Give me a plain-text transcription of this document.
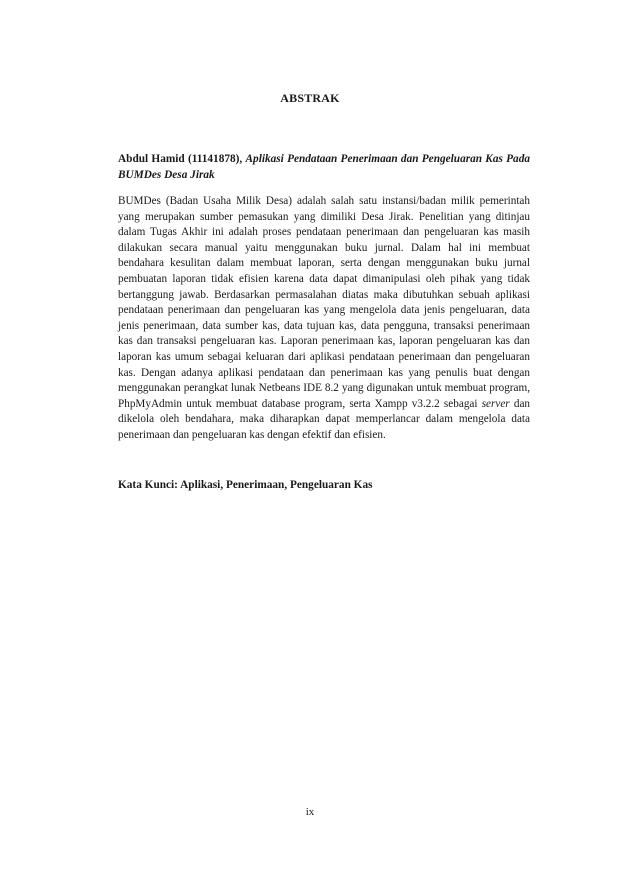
ABSTRAK
Abdul Hamid (11141878), Aplikasi Pendataan Penerimaan dan Pengeluaran Kas Pada BUMDes Desa Jirak
BUMDes (Badan Usaha Milik Desa) adalah salah satu instansi/badan milik pemerintah yang merupakan sumber pemasukan yang dimiliki Desa Jirak. Penelitian yang ditinjau dalam Tugas Akhir ini adalah proses pendataan penerimaan dan pengeluaran kas masih dilakukan secara manual yaitu menggunakan buku jurnal. Dalam hal ini membuat bendahara kesulitan dalam membuat laporan, serta dengan menggunakan buku jurnal pembuatan laporan tidak efisien karena data dapat dimanipulasi oleh pihak yang tidak bertanggung jawab. Berdasarkan permasalahan diatas maka dibutuhkan sebuah aplikasi pendataan penerimaan dan pengeluaran kas yang mengelola data jenis pengeluaran, data jenis penerimaan, data sumber kas, data tujuan kas, data pengguna, transaksi penerimaan kas dan transaksi pengeluaran kas. Laporan penerimaan kas, laporan pengeluaran kas dan laporan kas umum sebagai keluaran dari aplikasi pendataan penerimaan dan pengeluaran kas. Dengan adanya aplikasi pendataan dan penerimaan kas yang penulis buat dengan menggunakan perangkat lunak Netbeans IDE 8.2 yang digunakan untuk membuat program, PhpMyAdmin untuk membuat database program, serta Xampp v3.2.2 sebagai server dan dikelola oleh bendahara, maka diharapkan dapat memperlancar dalam mengelola data penerimaan dan pengeluaran kas dengan efektif dan efisien.
Kata Kunci: Aplikasi, Penerimaan, Pengeluaran Kas
ix
